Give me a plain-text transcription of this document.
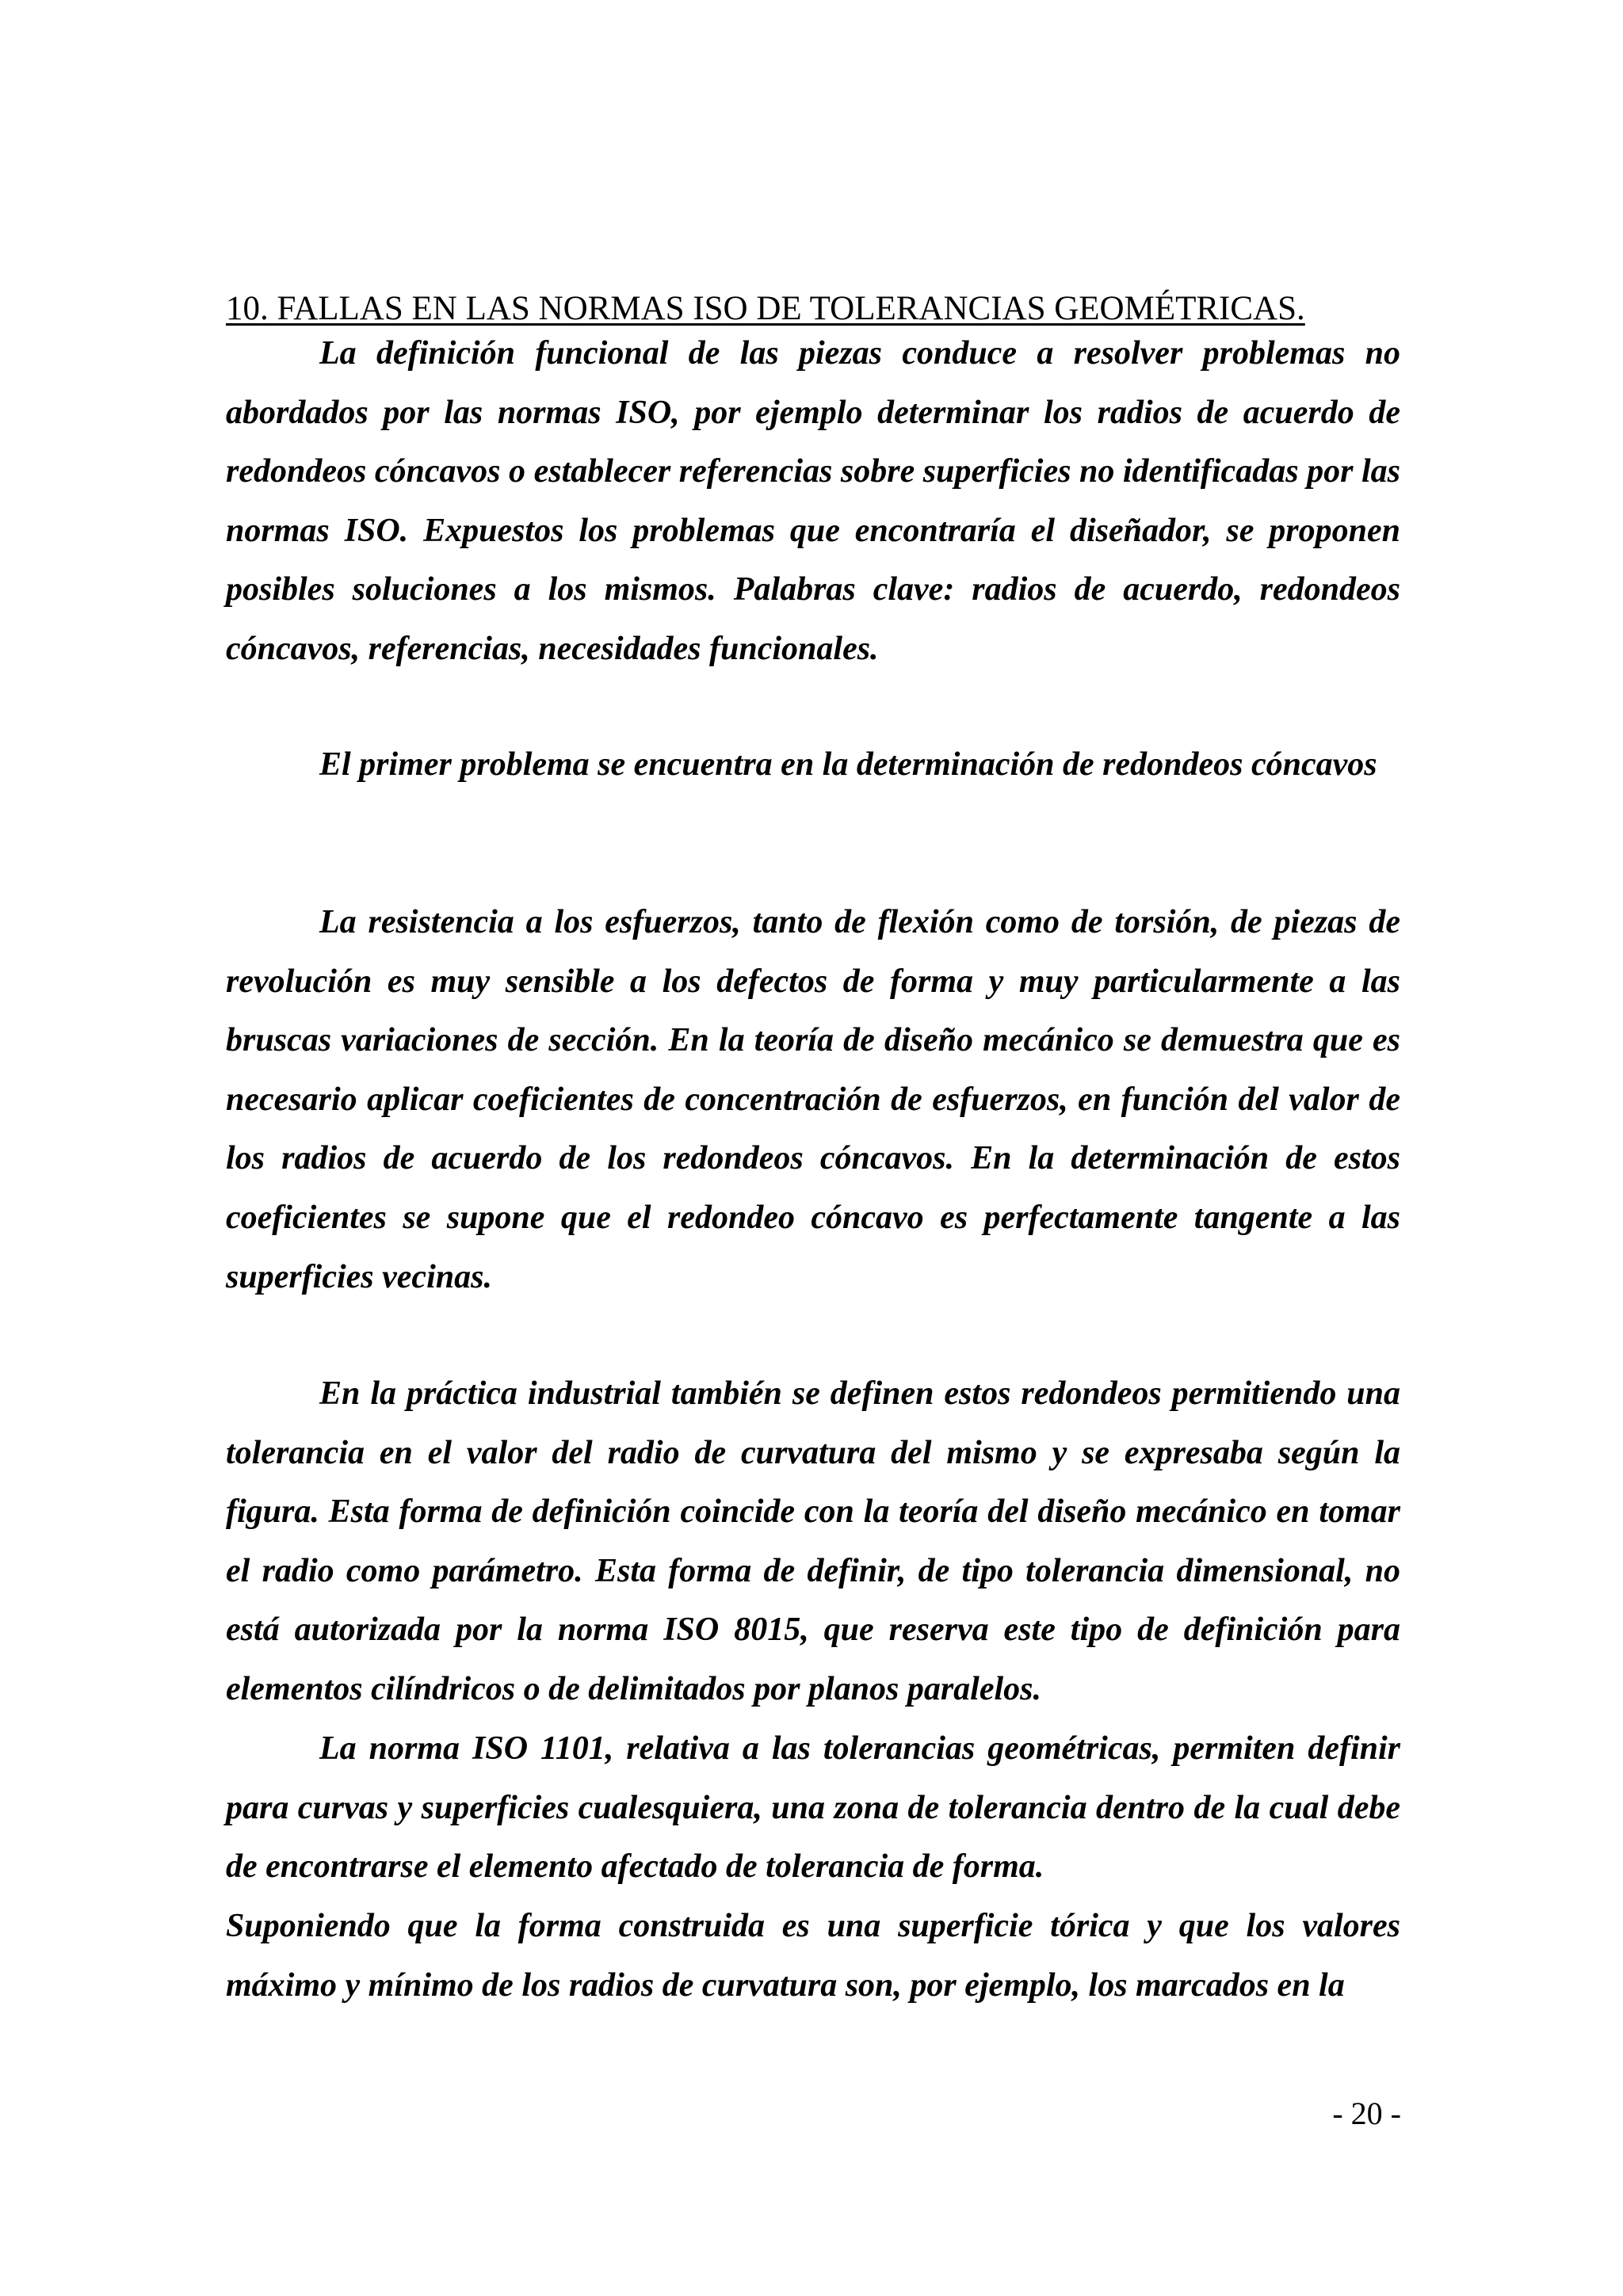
10. FALLAS EN LAS NORMAS ISO DE TOLERANCIAS GEOMÉTRICAS.

La definición funcional de las piezas conduce a resolver problemas no abordados por las normas ISO, por ejemplo determinar los radios de acuerdo de redondeos cóncavos o establecer referencias sobre superficies no identificadas por las normas ISO. Expuestos los problemas que encontraría el diseñador, se proponen posibles soluciones a los mismos. Palabras clave: radios de acuerdo, redondeos cóncavos, referencias, necesidades funcionales.

El primer problema se encuentra en la determinación de redondeos cóncavos

La resistencia a los esfuerzos, tanto de flexión como de torsión, de piezas de revolución es muy sensible a los defectos de forma y muy particularmente a las bruscas variaciones de sección. En la teoría de diseño mecánico se demuestra que es necesario aplicar coeficientes de concentración de esfuerzos, en función del valor de los radios de acuerdo de los redondeos cóncavos. En la determinación de estos coeficientes se supone que el redondeo cóncavo es perfectamente tangente a las superficies vecinas.

En la práctica industrial también se definen estos redondeos permitiendo una tolerancia en el valor del radio de curvatura del mismo y se expresaba según la figura. Esta forma de definición coincide con la teoría del diseño mecánico en tomar el radio como parámetro. Esta forma de definir, de tipo tolerancia dimensional, no está autorizada por la norma ISO 8015, que reserva este tipo de definición para elementos cilíndricos o de delimitados por planos paralelos.

La norma ISO 1101, relativa a las tolerancias geométricas, permiten definir para curvas y superficies cualesquiera, una zona de tolerancia dentro de la cual debe de encontrarse el elemento afectado de tolerancia de forma.

Suponiendo que la forma construida es una superficie tórica y que los valores máximo y mínimo de los radios de curvatura son, por ejemplo, los marcados en la

- 20 -
